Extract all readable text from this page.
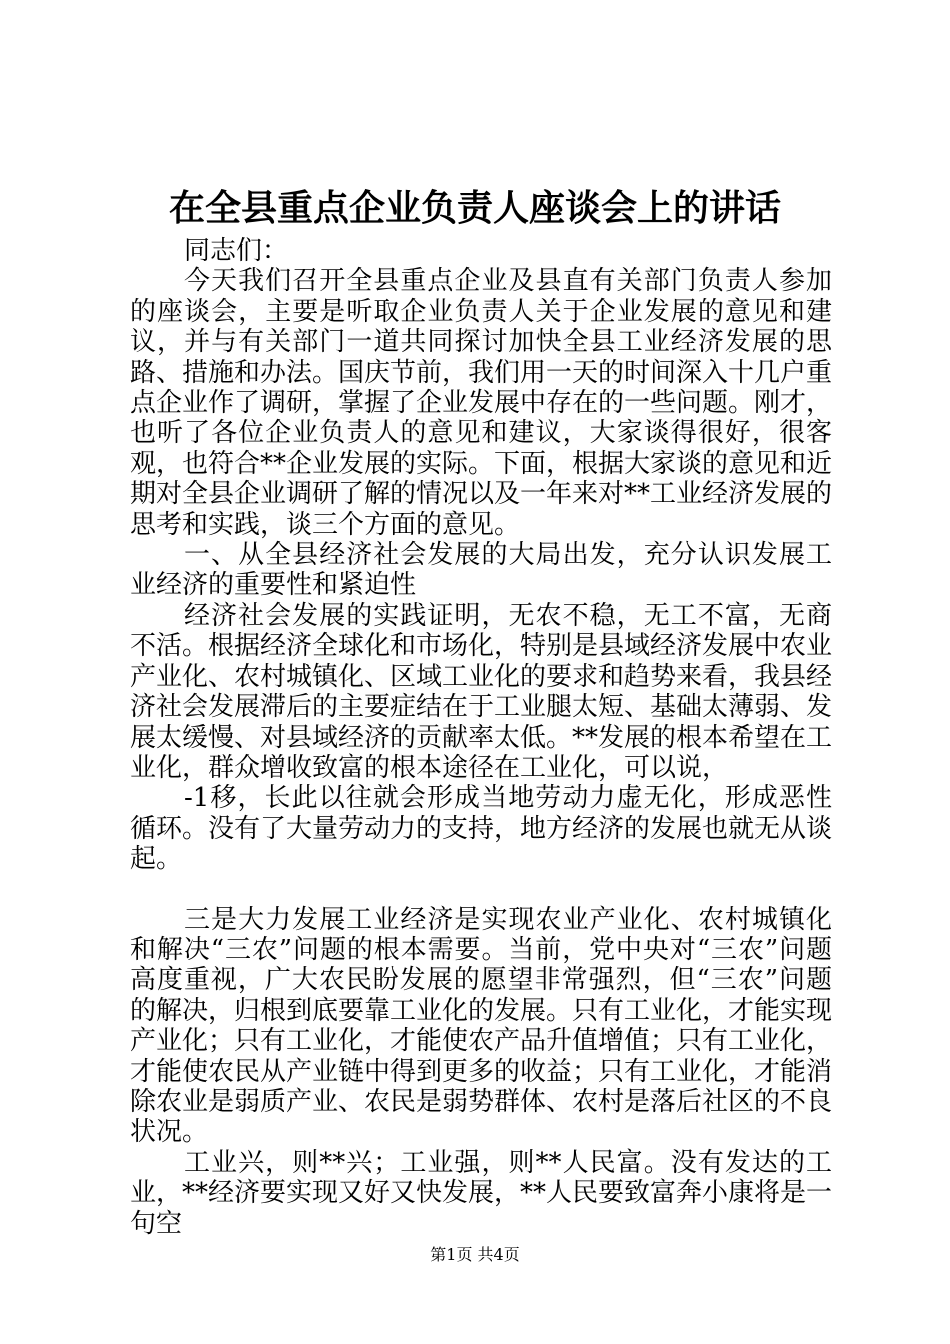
在全县重点企业负责人座谈会上的讲话

同志们：

今天我们召开全县重点企业及县直有关部门负责人参加的座谈会，主要是听取企业负责人关于企业发展的意见和建议，并与有关部门一道共同探讨加快全县工业经济发展的思路、措施和办法。国庆节前，我们用一天的时间深入十几户重点企业作了调研，掌握了企业发展中存在的一些问题。刚才，也听了各位企业负责人的意见和建议，大家谈得很好，很客观，也符合**企业发展的实际。下面，根据大家谈的意见和近期对全县企业调研了解的情况以及一年来对**工业经济发展的思考和实践，谈三个方面的意见。

一、从全县经济社会发展的大局出发，充分认识发展工业经济的重要性和紧迫性

经济社会发展的实践证明，无农不稳，无工不富，无商不活。根据经济全球化和市场化，特别是县域经济发展中农业产业化、农村城镇化、区域工业化的要求和趋势来看，我县经济社会发展滞后的主要症结在于工业腿太短、基础太薄弱、发展太缓慢、对县域经济的贡献率太低。**发展的根本希望在工业化，群众增收致富的根本途径在工业化，可以说，

-1移，长此以往就会形成当地劳动力虚无化，形成恶性循环。没有了大量劳动力的支持，地方经济的发展也就无从谈起。

三是大力发展工业经济是实现农业产业化、农村城镇化和解决“三农”问题的根本需要。当前，党中央对“三农”问题高度重视，广大农民盼发展的愿望非常强烈，但“三农”问题的解决，归根到底要靠工业化的发展。只有工业化，才能实现产业化；只有工业化，才能使农产品升值增值；只有工业化，才能使农民从产业链中得到更多的收益；只有工业化，才能消除农业是弱质产业、农民是弱势群体、农村是落后社区的不良状况。

工业兴，则**兴；工业强，则**人民富。没有发达的工业，**经济要实现又好又快发展，**人民要致富奔小康将是一句空

第1页 共4页
